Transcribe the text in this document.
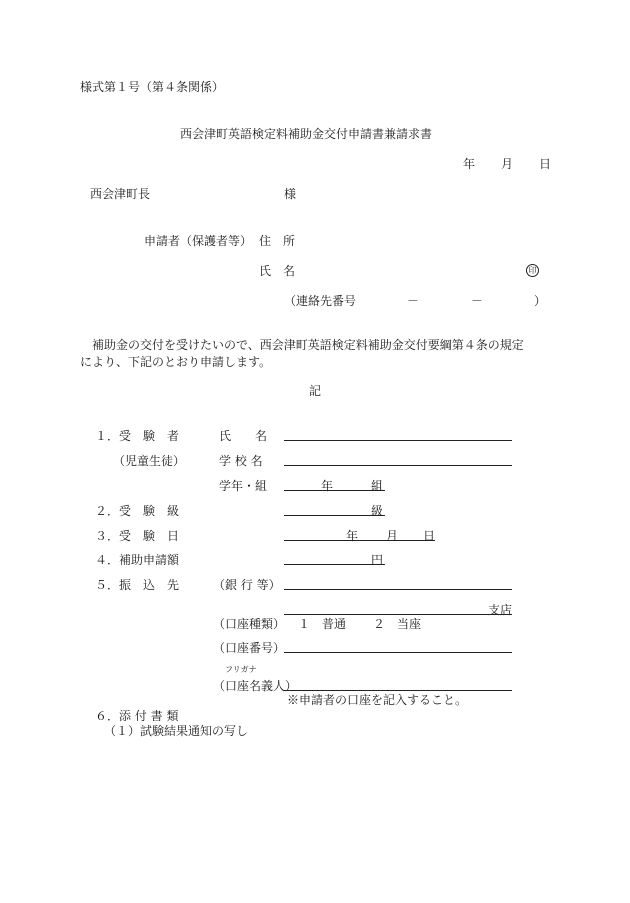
様式第１号（第４条関係）
西会津町英語検定料補助金交付申請書兼請求書
年 月 日
西会津町長	様
申請者（保護者等） 住　所
氏　名	印
（連絡先番号	－	－	）
補助金の交付を受けたいので、西会津町英語検定料補助金交付要綱第４条の規定
により、下記のとおり申請します。
記
１．受　験　者	氏　　名
（児童生徒）	学 校 名
学年・組	年	組
２．受　験　級	級
３．受　験　日	年 月 日
４．補助申請額	円
５．振　込　先	（銀 行 等）
支店
（口座種類） １　普通 ２　当座
（口座番号）
フリガナ
（口座名義人）
※申請者の口座を記入すること。
６．添 付 書 類
（１）試験結果通知の写し
